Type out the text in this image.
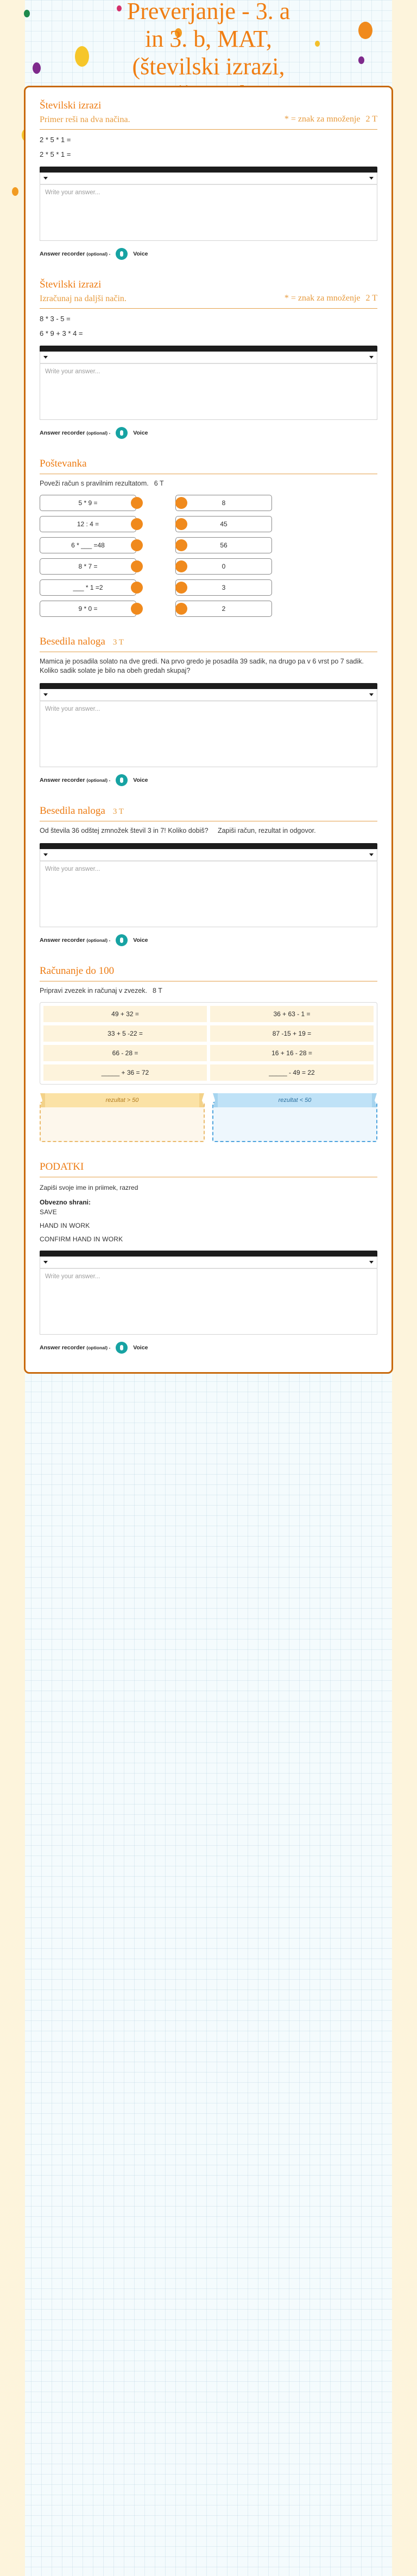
Preverjanje - 3. a
in 3. b, MAT,
(številski izrazi,
Številski izrazi
Primer reši na dva načina.	* = znak za množenje 2 T
2 * 5 * 1 =
2 * 5 * 1 =
Write your answer...
Answer recorder (optional) -	Voice
Številski izrazi
Izračunaj na daljši način.	* = znak za množenje 2 T
8 * 3 - 5 =
6 * 9 + 3 * 4 =
Write your answer...
Answer recorder (optional) -	Voice
Poštevanka
Poveži račun s pravilnim rezultatom. 6 T
5 * 9 =	8
12 : 4 =	45
6 * ___ =48	56
8 * 7 =	0
___ * 1 =2	3
9 * 0 =	2
Besedila naloga 3 T
Mamica je posadila solato na dve gredi. Na prvo gredo je posadila 39 sadik, na drugo pa v 6 vrst po 7 sadik. Koliko sadik solate je bilo na obeh gredah skupaj?
Write your answer...
Answer recorder (optional) -	Voice
Besedila naloga 3 T
Od števila 36 odštej zmnožek števil 3 in 7! Koliko dobiš? Zapiši račun, rezultat in odgovor.
Write your answer...
Answer recorder (optional) -	Voice
Računanje do 100
Pripravi zvezek in računaj v zvezek. 8 T
49 + 32 =	36 + 63 - 1 =
33 + 5 -22 =	87 -15 + 19 =
66 - 28 =	16 + 16 - 28 =
_____ + 36 = 72	_____ - 49 = 22
rezultat > 50	rezultat < 50
PODATKI
Zapiši svoje ime in priimek, razred
Obvezno shrani:
SAVE
HAND IN WORK
CONFIRM HAND IN WORK
Write your answer...
Answer recorder (optional) -	Voice
